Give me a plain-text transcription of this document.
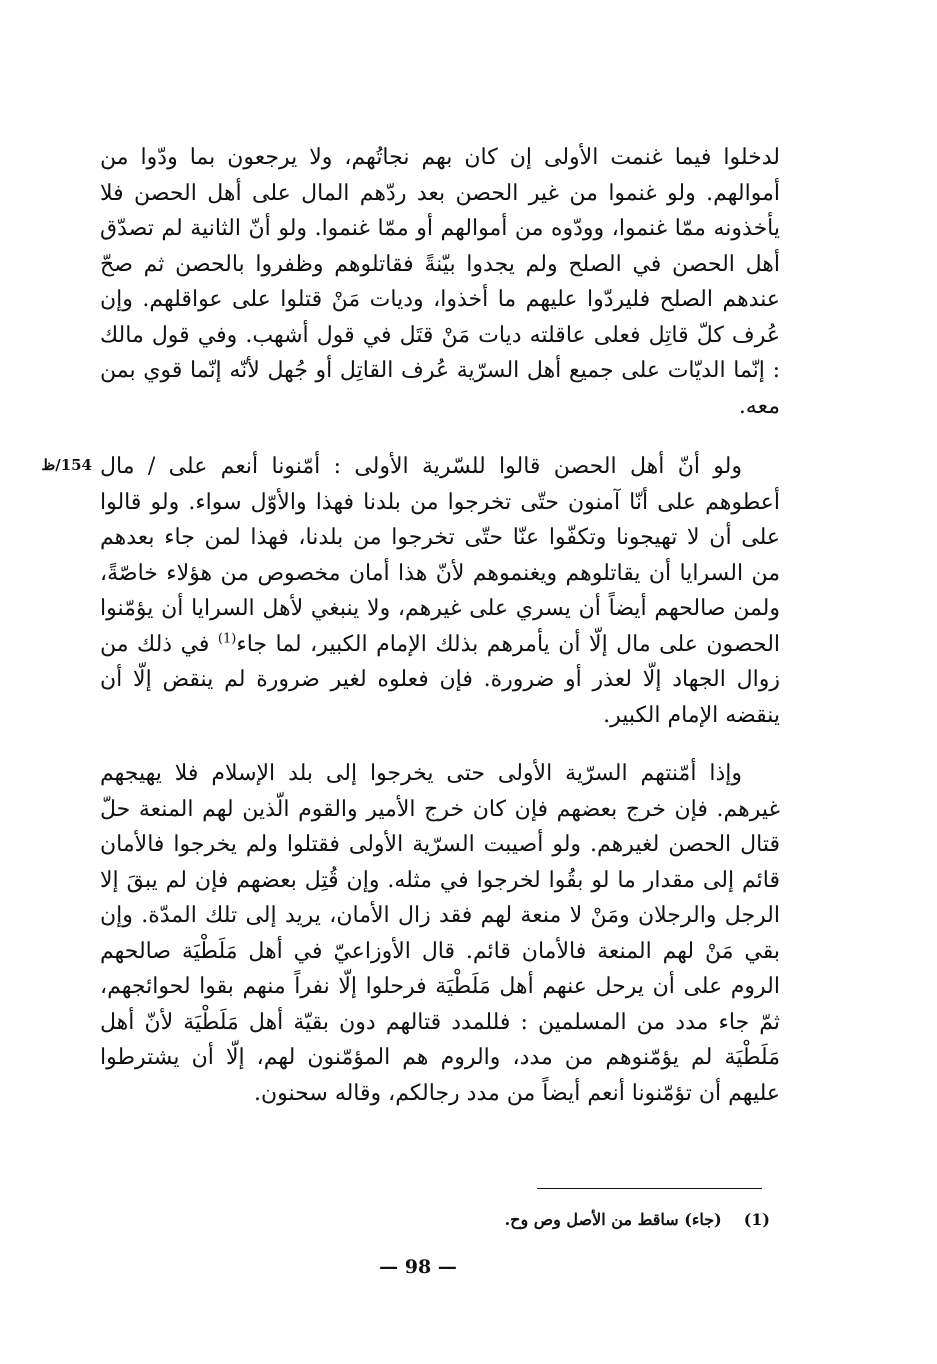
154/ظ

لدخلوا فيما غنمت الأولى إن كان بهم نجاتُهم، ولا يرجعون بما ودّوا من أموالهم. ولو غنموا من غير الحصن بعد ردّهم المال على أهل الحصن فلا يأخذونه ممّا غنموا، وودّوه من أموالهم أو ممّا غنموا. ولو أنّ الثانية لم تصدّق أهل الحصن في الصلح ولم يجدوا بيّنةً فقاتلوهم وظفروا بالحصن ثم صحّ عندهم الصلح فليردّوا عليهم ما أخذوا، وديات مَنْ قتلوا على عواقلهم. وإن عُرف كلّ قاتِل فعلى عاقلته ديات مَنْ قتَل في قول أشهب. وفي قول مالك : إنّما الديّات على جميع أهل السرّية عُرف القاتِل أو جُهل لأنّه إنّما قوي بمن معه.

ولو أنّ أهل الحصن قالوا للسّرية الأولى : أمّنونا أنعم على / مال أعطوهم على أنّا آمنون حتّى تخرجوا من بلدنا فهذا والأوّل سواء. ولو قالوا على أن لا تهيجونا وتكفّوا عنّا حتّى تخرجوا من بلدنا، فهذا لمن جاء بعدهم من السرايا أن يقاتلوهم ويغنموهم لأنّ هذا أمان مخصوص من هؤلاء خاصّةً، ولمن صالحهم أيضاً أن يسري على غيرهم، ولا ينبغي لأهل السرايا أن يؤمّنوا الحصون على مال إلّا أن يأمرهم بذلك الإمام الكبير، لما جاء$^{(1)}$ في ذلك من زوال الجهاد إلّا لعذر أو ضرورة. فإن فعلوه لغير ضرورة لم ينقض إلّا أن ينقضه الإمام الكبير.

وإذا أمّنتهم السرّية الأولى حتى يخرجوا إلى بلد الإسلام فلا يهيجهم غيرهم. فإن خرج بعضهم فإن كان خرج الأمير والقوم الّذين لهم المنعة حلّ قتال الحصن لغيرهم. ولو أصيبت السرّية الأولى فقتلوا ولم يخرجوا فالأمان قائم إلى مقدار ما لو بقُوا لخرجوا في مثله. وإن قُتِل بعضهم فإن لم يبقَ إلا الرجل والرجلان ومَنْ لا منعة لهم فقد زال الأمان، يريد إلى تلك المدّة. وإن بقي مَنْ لهم المنعة فالأمان قائم. قال الأوزاعيّ في أهل مَلَطْيَة صالحهم الروم على أن يرحل عنهم أهل مَلَطْيَة فرحلوا إلّا نفراً منهم بقوا لحوائجهم، ثمّ جاء مدد من المسلمين : فللمدد قتالهم دون بقيّة أهل مَلَطْيَة لأنّ أهل مَلَطْيَة لم يؤمّنوهم من مدد، والروم هم المؤمّنون لهم، إلّا أن يشترطوا عليهم أن تؤمّنونا أنعم أيضاً من مدد رجالكم، وقاله سحنون.

(1)(جاء) ساقط من الأصل وص وح.
— 98 —
